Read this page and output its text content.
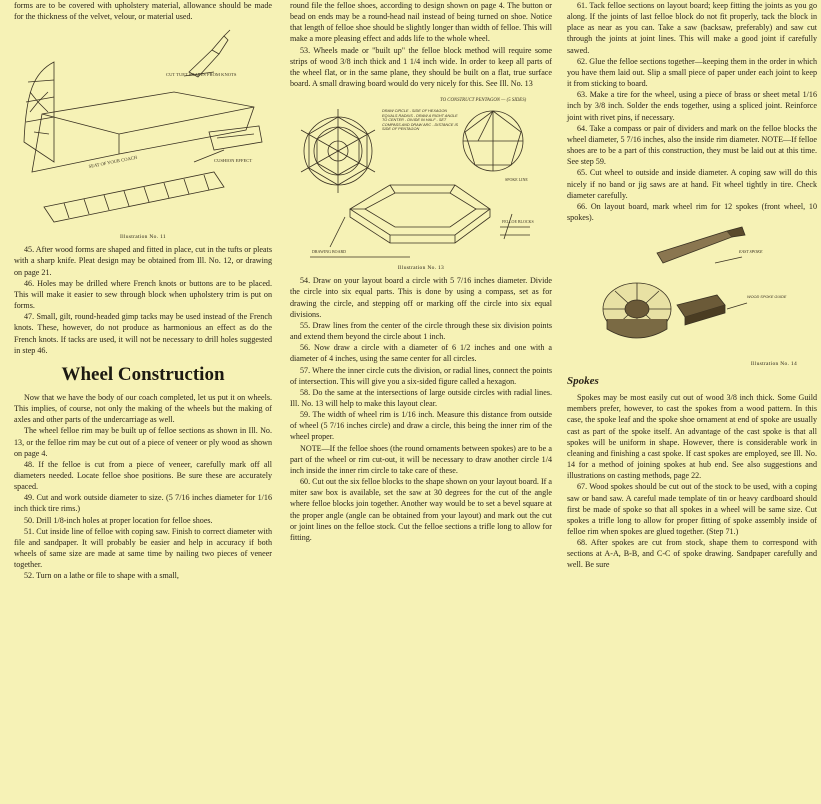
forms are to be covered with upholstery material, allowance should be made for the thickness of the velvet, velour, or material used.

CUT TUFT SHAPES FROM KNOTS
CUSHION EFFECT
SEAT OF YOUR COACH
Illustration No. 11

45. After wood forms are shaped and fitted in place, cut in the tufts or pleats with a sharp knife. Pleat design may be obtained from Ill. No. 12, or drawing on page 21.

46. Holes may be drilled where French knots or buttons are to be placed. This will make it easier to sew through block when upholstery trim is put on forms.

47. Small, gilt, round-headed gimp tacks may be used instead of the French knots. These, however, do not produce as harmonious an effect as do the French knots. If tacks are used, it will not be necessary to drill holes suggested in step 46.

Wheel Construction

Now that we have the body of our coach completed, let us put it on wheels. This implies, of course, not only the making of the wheels but the making of axles and other parts of the undercarriage as well.

The wheel felloe rim may be built up of felloe sections as shown in Ill. No. 13, or the felloe rim may be cut out of a piece of veneer or ply wood as shown on page 4.

48. If the felloe is cut from a piece of veneer, carefully mark off all diameters needed. Locate felloe shoe positions. Be sure these are accurately spaced.

49. Cut and work outside diameter to size. (5 7/16 inches diameter for 1/16 inch thick tire rims.)

50. Drill 1/8-inch holes at proper location for felloe shoes.

51. Cut inside line of felloe with coping saw. Finish to correct diameter with file and sandpaper. It will probably be easier and help in accuracy if both wheels of same size are made at same time by nailing two pieces of veneer together.

52. Turn on a lathe or file to shape with a small,

round file the felloe shoes, according to design shown on page 4. The button or bead on ends may be a round-head nail instead of being turned on shoe. Notice that length of felloe shoe should be slightly longer than width of felloe. This will make a more pleasing effect and adds life to the whole wheel.

53. Wheels made or "built up" the felloe block method will require some strips of wood 3/8 inch thick and 1 1/4 inch wide. In order to keep all parts of the wheel flat, or in the same plane, they should be built on a flat, true surface board. A small drawing board would do very nicely for this. See Ill. No. 13

TO CONSTRUCT PENTAGON — (5 SIDES)
DRAW CIRCLE - SIDE OF HEXAGON EQUALS RADIUS - DRAW A RIGHT ANGLE TO CENTER - DIVIDE IN HALF - SET COMPASS AND DRAW ARC - DISTANCE IS SIDE OF PENTAGON
SPOKE LINE
FELLOE BLOCKS
DRAWING BOARD
Illustration No. 13

54. Draw on your layout board a circle with 5 7/16 inches diameter. Divide the circle into six equal parts. This is done by using a compass, set as for drawing the circle, and stepping off or marking off the circle into six equal divisions.

55. Draw lines from the center of the circle through these six division points and extend them beyond the circle about 1 inch.

56. Now draw a circle with a diameter of 6 1/2 inches and one with a diameter of 4 inches, using the same center for all circles.

57. Where the inner circle cuts the division, or radial lines, connect the points of intersection. This will give you a six-sided figure called a hexagon.

58. Do the same at the intersections of large outside circles with radial lines. Ill. No. 13 will help to make this layout clear.

59. The width of wheel rim is 1/16 inch. Measure this distance from outside of wheel (5 7/16 inches circle) and draw a circle, this being the inner rim of the wheel proper.

NOTE—If the felloe shoes (the round ornaments between spokes) are to be a part of the wheel or rim cut-out, it will be necessary to draw another circle 1/4 inch inside the inner rim circle to take care of these.

60. Cut out the six felloe blocks to the shape shown on your layout board. If a miter saw box is available, set the saw at 30 degrees for the cut of the angle where felloe blocks join together. Another way would be to set a bevel square at the proper angle (angle can be obtained from your layout) and mark out the cut or joint lines on the felloe stock. Cut the felloe sections a trifle long to allow for fitting.

61. Tack felloe sections on layout board; keep fitting the joints as you go along. If the joints of last felloe block do not fit properly, tack the block in place as near as you can. Take a saw (backsaw, preferably) and saw cut through the joints at joint lines. This will make a good joint if carefully sawed.

62. Glue the felloe sections together—keeping them in the order in which you have them laid out. Slip a small piece of paper under each joint to keep it from sticking to board.

63. Make a tire for the wheel, using a piece of brass or sheet metal 1/16 inch by 3/8 inch. Solder the ends together, using a spliced joint. Reinforce joint with rivet pins, if necessary.

64. Take a compass or pair of dividers and mark on the felloe blocks the wheel diameter, 5 7/16 inches, also the inside rim diameter. NOTE—If felloe shoes are to be a part of this construction, they must be laid out at this time. See step 59.

65. Cut wheel to outside and inside diameter. A coping saw will do this nicely if no band or jig saws are at hand. Fit wheel tightly in tire. Check diameter carefully.

66. On layout board, mark wheel rim for 12 spokes (front wheel, 10 spokes).

EAST SPOKE
WOOD SPOKE GUIDE
Illustration No. 14
Spokes

Spokes may be most easily cut out of wood 3/8 inch thick. Some Guild members prefer, however, to cast the spokes from a wood pattern. In this case, the spoke leaf and the spoke shoe ornament at end of spoke are usually cast as part of the spoke itself. An advantage of the cast spoke is that all spokes will be uniform in shape. However, there is considerable work in cleaning and finishing a cast spoke. If cast spokes are employed, see Ill. No. 14 for a method of joining spokes at hub end. See also suggestions and illustrations on casting methods, page 22.

67. Wood spokes should be cut out of the stock to be used, with a coping saw or band saw. A careful made template of tin or heavy cardboard should first be made of spoke so that all spokes in a wheel will be same size. Cut spokes a trifle long to allow for proper fitting of spoke assembly inside of felloe rim when spokes are glued together. (Step 71.)

68. After spokes are cut from stock, shape them to correspond with sections at A-A, B-B, and C-C of spoke drawing. Sandpaper carefully and well. Be sure
